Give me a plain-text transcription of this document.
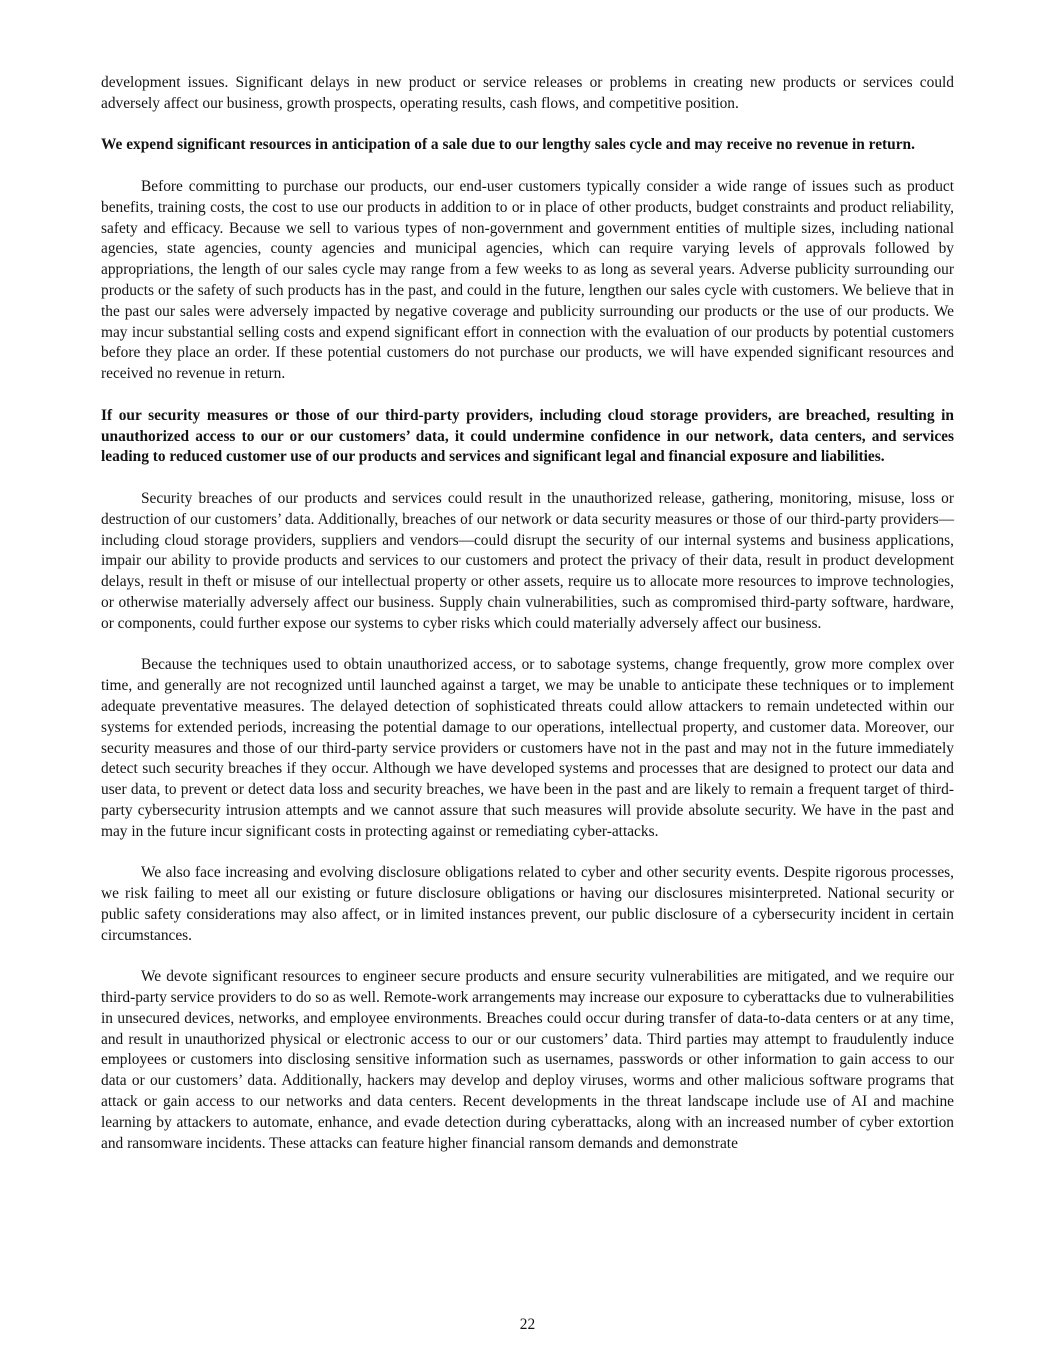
development issues. Significant delays in new product or service releases or problems in creating new products or services could adversely affect our business, growth prospects, operating results, cash flows, and competitive position.

We expend significant resources in anticipation of a sale due to our lengthy sales cycle and may receive no revenue in return.

Before committing to purchase our products, our end-user customers typically consider a wide range of issues such as product benefits, training costs, the cost to use our products in addition to or in place of other products, budget constraints and product reliability, safety and efficacy. Because we sell to various types of non-government and government entities of multiple sizes, including national agencies, state agencies, county agencies and municipal agencies, which can require varying levels of approvals followed by appropriations, the length of our sales cycle may range from a few weeks to as long as several years. Adverse publicity surrounding our products or the safety of such products has in the past, and could in the future, lengthen our sales cycle with customers. We believe that in the past our sales were adversely impacted by negative coverage and publicity surrounding our products or the use of our products. We may incur substantial selling costs and expend significant effort in connection with the evaluation of our products by potential customers before they place an order. If these potential customers do not purchase our products, we will have expended significant resources and received no revenue in return.

If our security measures or those of our third-party providers, including cloud storage providers, are breached, resulting in unauthorized access to our or our customers’ data, it could undermine confidence in our network, data centers, and services leading to reduced customer use of our products and services and significant legal and financial exposure and liabilities.

Security breaches of our products and services could result in the unauthorized release, gathering, monitoring, misuse, loss or destruction of our customers’ data. Additionally, breaches of our network or data security measures or those of our third-party providers—including cloud storage providers, suppliers and vendors—could disrupt the security of our internal systems and business applications, impair our ability to provide products and services to our customers and protect the privacy of their data, result in product development delays, result in theft or misuse of our intellectual property or other assets, require us to allocate more resources to improve technologies, or otherwise materially adversely affect our business. Supply chain vulnerabilities, such as compromised third-party software, hardware, or components, could further expose our systems to cyber risks which could materially adversely affect our business.

Because the techniques used to obtain unauthorized access, or to sabotage systems, change frequently, grow more complex over time, and generally are not recognized until launched against a target, we may be unable to anticipate these techniques or to implement adequate preventative measures. The delayed detection of sophisticated threats could allow attackers to remain undetected within our systems for extended periods, increasing the potential damage to our operations, intellectual property, and customer data. Moreover, our security measures and those of our third-party service providers or customers have not in the past and may not in the future immediately detect such security breaches if they occur. Although we have developed systems and processes that are designed to protect our data and user data, to prevent or detect data loss and security breaches, we have been in the past and are likely to remain a frequent target of third-party cybersecurity intrusion attempts and we cannot assure that such measures will provide absolute security. We have in the past and may in the future incur significant costs in protecting against or remediating cyber-attacks.

We also face increasing and evolving disclosure obligations related to cyber and other security events. Despite rigorous processes, we risk failing to meet all our existing or future disclosure obligations or having our disclosures misinterpreted. National security or public safety considerations may also affect, or in limited instances prevent, our public disclosure of a cybersecurity incident in certain circumstances.

We devote significant resources to engineer secure products and ensure security vulnerabilities are mitigated, and we require our third-party service providers to do so as well. Remote-work arrangements may increase our exposure to cyberattacks due to vulnerabilities in unsecured devices, networks, and employee environments. Breaches could occur during transfer of data-to-data centers or at any time, and result in unauthorized physical or electronic access to our or our customers’ data. Third parties may attempt to fraudulently induce employees or customers into disclosing sensitive information such as usernames, passwords or other information to gain access to our data or our customers’ data. Additionally, hackers may develop and deploy viruses, worms and other malicious software programs that attack or gain access to our networks and data centers. Recent developments in the threat landscape include use of AI and machine learning by attackers to automate, enhance, and evade detection during cyberattacks, along with an increased number of cyber extortion and ransomware incidents. These attacks can feature higher financial ransom demands and demonstrate

22
